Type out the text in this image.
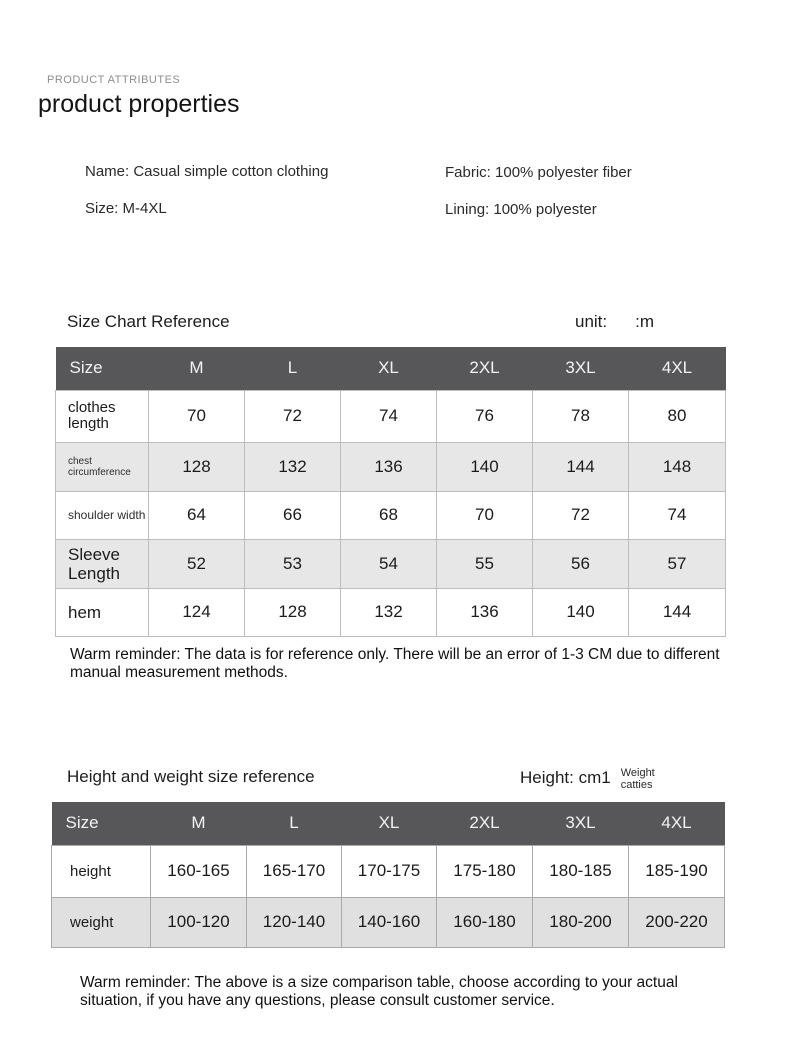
PRODUCT ATTRIBUTES
product properties
Name: Casual simple cotton clothing	Fabric: 100% polyester fiber
Size: M-4XL	Lining: 100% polyester
Size Chart Reference	unit: :m
Size	M	L	XL	2XL	3XL	4XL
clothes length	70	72	74	76	78	80
chest circumference	128	132	136	140	144	148
shoulder width	64	66	68	70	72	74
Sleeve Length	52	53	54	55	56	57
hem	124	128	132	136	140	144
Warm reminder: The data is for reference only. There will be an error of 1-3 CM due to different manual measurement methods.
Height and weight size reference	Height: cm1 Weight
catties
Size	M	L	XL	2XL	3XL	4XL
height	160-165	165-170	170-175	175-180	180-185	185-190
weight	100-120	120-140	140-160	160-180	180-200	200-220
Warm reminder: The above is a size comparison table, choose according to your actual situation, if you have any questions, please consult customer service.
